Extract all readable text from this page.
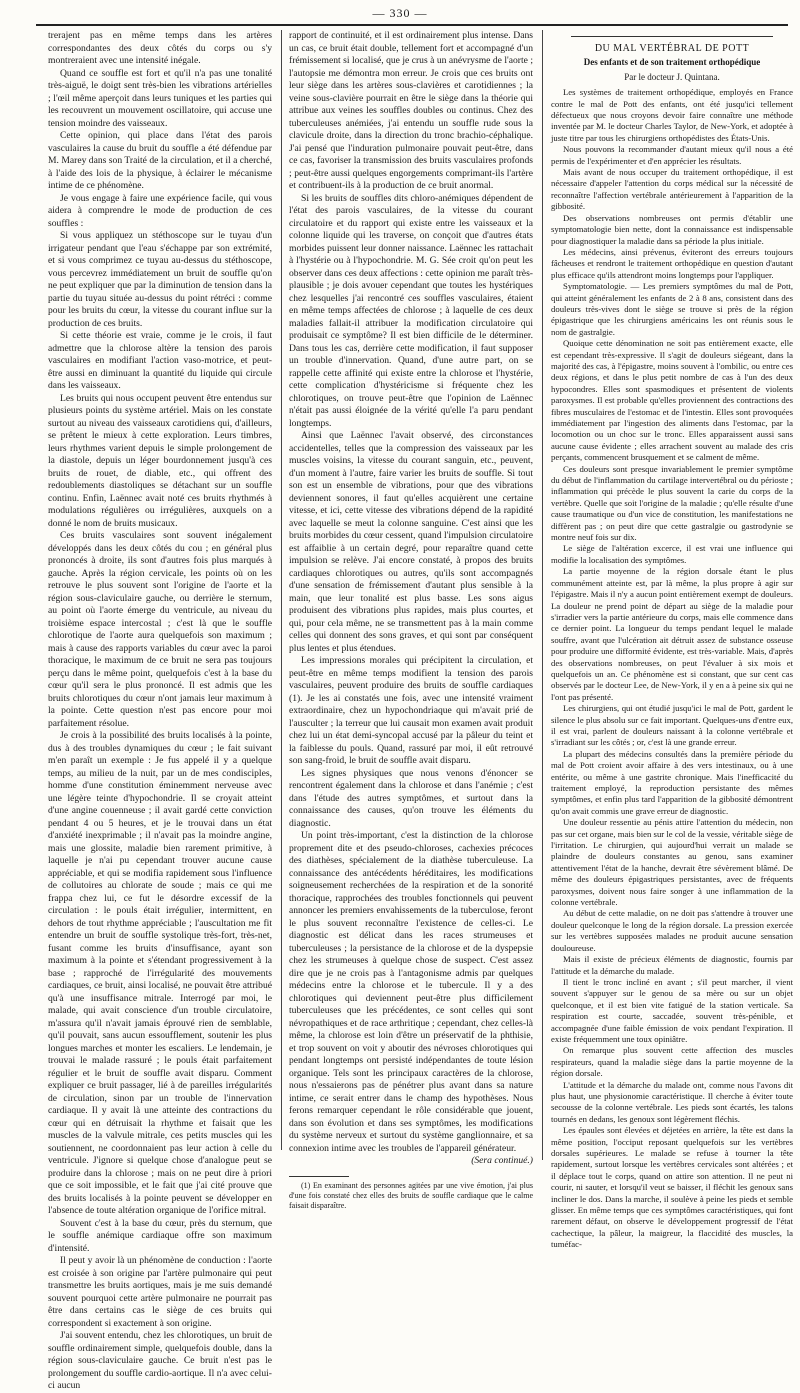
— 330 —

trerajent pas en même temps dans les artères correspondantes des deux côtés du corps ou s'y montreraient avec une intensité inégale.

Quand ce souffle est fort et qu'il n'a pas une tonalité très-aiguë, le doigt sent très-bien les vibrations artérielles ; l'œil même aperçoit dans leurs tuniques et les parties qui les recouvrent un mouvement oscillatoire, qui accuse une tension moindre des vaisseaux.

Cette opinion, qui place dans l'état des parois vasculaires la cause du bruit du souffle a été défendue par M. Marey dans son Traité de la circulation, et il a cherché, à l'aide des lois de la physique, à éclairer le mécanisme intime de ce phénomène.

Je vous engage à faire une expérience facile, qui vous aidera à comprendre le mode de production de ces souffles :

Si vous appliquez un stéthoscope sur le tuyau d'un irrigateur pendant que l'eau s'échappe par son extrémité, et si vous comprimez ce tuyau au-dessus du stéthoscope, vous percevrez immédiatement un bruit de souffle qu'on ne peut expliquer que par la diminution de tension dans la partie du tuyau située au-dessus du point rétréci : comme pour les bruits du cœur, la vitesse du courant influe sur la production de ces bruits.

Si cette théorie est vraie, comme je le crois, il faut admettre que la chlorose altère la tension des parois vasculaires en modifiant l'action vaso-motrice, et peut-être aussi en diminuant la quantité du liquide qui circule dans les vaisseaux.

Les bruits qui nous occupent peuvent être entendus sur plusieurs points du système artériel. Mais on les constate surtout au niveau des vaisseaux carotidiens qui, d'ailleurs, se prêtent le mieux à cette exploration. Leurs timbres, leurs rhythmes varient depuis le simple prolongement de la diastole, depuis un léger bourdonnement jusqu'à ces bruits de rouet, de diable, etc., qui offrent des redoublements diastoliques se détachant sur un souffle continu. Enfin, Laënnec avait noté ces bruits rhythmés à modulations régulières ou irrégulières, auxquels on a donné le nom de bruits musicaux.

Ces bruits vasculaires sont souvent inégalement développés dans les deux côtés du cou ; en général plus prononcés à droite, ils sont d'autres fois plus marqués à gauche. Après la région cervicale, les points où on les retrouve le plus souvent sont l'origine de l'aorte et la région sous-claviculaire gauche, ou derrière le sternum, au point où l'aorte émerge du ventricule, au niveau du troisième espace intercostal ; c'est là que le souffle chlorotique de l'aorte aura quelquefois son maximum ; mais à cause des rapports variables du cœur avec la paroi thoracique, le maximum de ce bruit ne sera pas toujours perçu dans le même point, quelquefois c'est à la base du cœur qu'il sera le plus prononcé. Il est admis que les bruits chlorotiques du cœur n'ont jamais leur maximum à la pointe. Cette question n'est pas encore pour moi parfaitement résolue.

Je crois à la possibilité des bruits localisés à la pointe, dus à des troubles dynamiques du cœur ; le fait suivant m'en paraît un exemple : Je fus appelé il y a quelque temps, au milieu de la nuit, par un de mes condisciples, homme d'une constitution éminemment nerveuse avec une légère teinte d'hypochondrie. Il se croyait atteint d'une angine couenneuse ; il avait gardé cette conviction pendant 4 ou 5 heures, et je le trouvai dans un état d'anxiété inexprimable ; il n'avait pas la moindre angine, mais une glossite, maladie bien rarement primitive, à laquelle je n'ai pu cependant trouver aucune cause appréciable, et qui se modifia rapidement sous l'influence de collutoires au chlorate de soude ; mais ce qui me frappa chez lui, ce fut le désordre excessif de la circulation : le pouls était irrégulier, intermittent, en dehors de tout rhythme appréciable ; l'auscultation me fit entendre un bruit de souffle systolique très-fort, très-net, fusant comme les bruits d'insuffisance, ayant son maximum à la pointe et s'étendant progressivement à la base ; rapproché de l'irrégularité des mouvements cardiaques, ce bruit, ainsi localisé, ne pouvait être attribué qu'à une insuffisance mitrale. Interrogé par moi, le malade, qui avait conscience d'un trouble circulatoire, m'assura qu'il n'avait jamais éprouvé rien de semblable, qu'il pouvait, sans aucun essoufflement, soutenir les plus longues marches et monter les escaliers. Le lendemain, je trouvai le malade rassuré ; le pouls était parfaitement régulier et le bruit de souffle avait disparu. Comment expliquer ce bruit passager, lié à de pareilles irrégularités de circulation, sinon par un trouble de l'innervation cardiaque. Il y avait là une atteinte des contractions du cœur qui en détruisait la rhythme et faisait que les muscles de la valvule mitrale, ces petits muscles qui les soutiennent, ne coordonnaient pas leur action à celle du ventricule. J'ignore si quelque chose d'analogue peut se produire dans la chlorose ; mais on ne peut dire à priori que ce soit impossible, et le fait que j'ai cité prouve que des bruits localisés à la pointe peuvent se développer en l'absence de toute altération organique de l'orifice mitral.

Souvent c'est à la base du cœur, près du sternum, que le souffle anémique cardiaque offre son maximum d'intensité.

Il peut y avoir là un phénomène de conduction : l'aorte est croisée à son origine par l'artère pulmonaire qui peut transmettre les bruits aortiques, mais je me suis demandé souvent pourquoi cette artère pulmonaire ne pourrait pas être dans certains cas le siège de ces bruits qui correspondent si exactement à son origine.

J'ai souvent entendu, chez les chlorotiques, un bruit de souffle ordinairement simple, quelquefois double, dans la région sous-claviculaire gauche. Ce bruit n'est pas le prolongement du souffle cardio-aortique. Il n'a avec celui-ci aucun

rapport de continuité, et il est ordinairement plus intense. Dans un cas, ce bruit était double, tellement fort et accompagné d'un frémissement si localisé, que je crus à un anévrysme de l'aorte ; l'autopsie me démontra mon erreur. Je crois que ces bruits ont leur siège dans les artères sous-clavières et carotidiennes ; la veine sous-clavière pourrait en être le siège dans la théorie qui attribue aux veines les souffles doubles ou continus. Chez des tuberculeuses anémiées, j'ai entendu un souffle rude sous la clavicule droite, dans la direction du tronc brachio-céphalique. J'ai pensé que l'induration pulmonaire pouvait peut-être, dans ce cas, favoriser la transmission des bruits vasculaires profonds ; peut-être aussi quelques engorgements comprimant-ils l'artère et contribuent-ils à la production de ce bruit anormal.

Si les bruits de souffles dits chloro-anémiques dépendent de l'état des parois vasculaires, de la vitesse du courant circulatoire et du rapport qui existe entre les vaisseaux et la colonne liquide qui les traverse, on conçoit que d'autres états morbides puissent leur donner naissance. Laënnec les rattachait à l'hystérie ou à l'hypochondrie. M. G. Sée croit qu'on peut les observer dans ces deux affections : cette opinion me paraît très-plausible ; je dois avouer cependant que toutes les hystériques chez lesquelles j'ai rencontré ces souffles vasculaires, étaient en même temps affectées de chlorose ; à laquelle de ces deux maladies fallait-il attribuer la modification circulatoire qui produisait ce symptôme? Il est bien difficile de le déterminer. Dans tous les cas, derrière cette modification, il faut supposer un trouble d'innervation. Quand, d'une autre part, on se rappelle cette affinité qui existe entre la chlorose et l'hystérie, cette complication d'hystéricisme si fréquente chez les chlorotiques, on trouve peut-être que l'opinion de Laënnec n'était pas aussi éloignée de la vérité qu'elle l'a paru pendant longtemps.

Ainsi que Laënnec l'avait observé, des circonstances accidentelles, telles que la compression des vaisseaux par les muscles voisins, la vitesse du courant sanguin, etc., peuvent, d'un moment à l'autre, faire varier les bruits de souffle. Si tout son est un ensemble de vibrations, pour que des vibrations deviennent sonores, il faut qu'elles acquièrent une certaine vitesse, et ici, cette vitesse des vibrations dépend de la rapidité avec laquelle se meut la colonne sanguine. C'est ainsi que les bruits morbides du cœur cessent, quand l'impulsion circulatoire est affaiblie à un certain degré, pour reparaître quand cette impulsion se relève. J'ai encore constaté, à propos des bruits cardiaques chlorotiques ou autres, qu'ils sont accompagnés d'une sensation de frémissement d'autant plus sensible à la main, que leur tonalité est plus basse. Les sons aigus produisent des vibrations plus rapides, mais plus courtes, et qui, pour cela même, ne se transmettent pas à la main comme celles qui donnent des sons graves, et qui sont par conséquent plus lentes et plus étendues.

Les impressions morales qui précipitent la circulation, et peut-être en même temps modifient la tension des parois vasculaires, peuvent produire des bruits de souffle cardiaques (1). Je les ai constatés une fois, avec une intensité vraiment extraordinaire, chez un hypochondriaque qui m'avait prié de l'ausculter ; la terreur que lui causait mon examen avait produit chez lui un état demi-syncopal accusé par la pâleur du teint et la faiblesse du pouls. Quand, rassuré par moi, il eût retrouvé son sang-froid, le bruit de souffle avait disparu.

Les signes physiques que nous venons d'énoncer se rencontrent également dans la chlorose et dans l'anémie ; c'est dans l'étude des autres symptômes, et surtout dans la connaissance des causes, qu'on trouve les éléments du diagnostic.

Un point très-important, c'est la distinction de la chlorose proprement dite et des pseudo-chloroses, cachexies précoces des diathèses, spécialement de la diathèse tuberculeuse. La connaissance des antécédents héréditaires, les modifications soigneusement recherchées de la respiration et de la sonorité thoracique, rapprochées des troubles fonctionnels qui peuvent annoncer les premiers envahissements de la tuberculose, feront le plus souvent reconnaître l'existence de celles-ci. Le diagnostic est délicat dans les races strumeuses et tuberculeuses ; la persistance de la chlorose et de la dyspepsie chez les strumeuses à quelque chose de suspect. C'est assez dire que je ne crois pas à l'antagonisme admis par quelques médecins entre la chlorose et le tubercule. Il y a des chlorotiques qui deviennent peut-être plus difficilement tuberculeuses que les précédentes, ce sont celles qui sont névropathiques et de race arthritique ; cependant, chez celles-là même, la chlorose est loin d'être un préservatif de la phthisie, et trop souvent on voit y aboutir des névroses chlorotiques qui pendant longtemps ont persisté indépendantes de toute lésion organique. Tels sont les principaux caractères de la chlorose, nous n'essaierons pas de pénétrer plus avant dans sa nature intime, ce serait entrer dans le champ des hypothèses. Nous ferons remarquer cependant le rôle considérable que jouent, dans son évolution et dans ses symptômes, les modifications du système nerveux et surtout du système ganglionnaire, et sa connexion intime avec les troubles de l'appareil générateur.

(Sera continué.)

(1) En examinant des personnes agitées par une vive émotion, j'ai plus d'une fois constaté chez elles des bruits de souffle cardiaque que le calme faisait disparaître.

DU MAL VERTÉBRAL DE POTT
Des enfants et de son traitement orthopédique
Par le docteur J. Quintana.

Les systèmes de traitement orthopédique, employés en France contre le mal de Pott des enfants, ont été jusqu'ici tellement défectueux que nous croyons devoir faire connaître une méthode inventée par M. le docteur Charles Taylor, de New-York, et adoptée à juste titre par tous les chirurgiens orthopédistes des États-Unis.

Nous pouvons la recommander d'autant mieux qu'il nous a été permis de l'expérimenter et d'en apprécier les résultats.

Mais avant de nous occuper du traitement orthopédique, il est nécessaire d'appeler l'attention du corps médical sur la nécessité de reconnaître l'affection vertébrale antérieurement à l'apparition de la gibbosité.

Des observations nombreuses ont permis d'établir une symptomatologie bien nette, dont la connaissance est indispensable pour diagnostiquer la maladie dans sa période la plus initiale.

Les médecins, ainsi prévenus, éviteront des erreurs toujours fâcheuses et rendront le traitement orthopédique en question d'autant plus efficace qu'ils attendront moins longtemps pour l'appliquer.

Symptomatologie. — Les premiers symptômes du mal de Pott, qui atteint généralement les enfants de 2 à 8 ans, consistent dans des douleurs très-vives dont le siège se trouve si près de la région épigastrique que les chirurgiens américains les ont réunis sous le nom de gastralgie.

Quoique cette dénomination ne soit pas entièrement exacte, elle est cependant très-expressive. Il s'agit de douleurs siégeant, dans la majorité des cas, à l'épigastre, moins souvent à l'ombilic, ou entre ces deux régions, et dans le plus petit nombre de cas à l'un des deux hypocondres. Elles sont spasmodiques et présentent de violents paroxysmes. Il est probable qu'elles proviennent des contractions des fibres musculaires de l'estomac et de l'intestin. Elles sont provoquées immédiatement par l'ingestion des aliments dans l'estomac, par la locomotion ou un choc sur le tronc. Elles apparaissent aussi sans aucune cause évidente ; elles arrachent souvent au malade des cris perçants, commencent brusquement et se calment de même.

Ces douleurs sont presque invariablement le premier symptôme du début de l'inflammation du cartilage intervertébral ou du périoste ; inflammation qui précède le plus souvent la carie du corps de la vertèbre. Quelle que soit l'origine de la maladie ; qu'elle résulte d'une cause traumatique ou d'un vice de constitution, les manifestations ne diffèrent pas ; on peut dire que cette gastralgie ou gastrodynie se montre neuf fois sur dix.

Le siège de l'altération excerce, il est vrai une influence qui modifie la localisation des symptômes.

La partie moyenne de la région dorsale étant le plus communément atteinte est, par là même, la plus propre à agir sur l'épigastre. Mais il n'y a aucun point entièrement exempt de douleurs. La douleur ne prend point de départ au siège de la maladie pour s'irradier vers la partie antérieure du corps, mais elle commence dans ce dernier point. La longueur du temps pendant lequel le malade souffre, avant que l'ulcération ait détruit assez de substance osseuse pour produire une difformité évidente, est très-variable. Mais, d'après des observations nombreuses, on peut l'évaluer à six mois et quelquefois un an. Ce phénomène est si constant, que sur cent cas observés par le docteur Lee, de New-York, il y en a à peine six qui ne l'ont pas présenté.

Les chirurgiens, qui ont étudié jusqu'ici le mal de Pott, gardent le silence le plus absolu sur ce fait important. Quelques-uns d'entre eux, il est vrai, parlent de douleurs naissant à la colonne vertébrale et s'irradiant sur les côtés ; or, c'est là une grande erreur.

La plupart des médecins consultés dans la première période du mal de Pott croient avoir affaire à des vers intestinaux, ou à une entérite, ou même à une gastrite chronique. Mais l'inefficacité du traitement employé, la reproduction persistante des mêmes symptômes, et enfin plus tard l'apparition de la gibbosité démontrent qu'on avait commis une grave erreur de diagnostic.

Une douleur ressentie au pénis attire l'attention du médecin, non pas sur cet organe, mais bien sur le col de la vessie, véritable siège de l'irritation. Le chirurgien, qui aujourd'hui verrait un malade se plaindre de douleurs constantes au genou, sans examiner attentivement l'état de la hanche, devrait être sévèrement blâmé. De même des douleurs épigastriques persistantes, avec de fréquents paroxysmes, doivent nous faire songer à une inflammation de la colonne vertébrale.

Au début de cette maladie, on ne doit pas s'attendre à trouver une douleur quelconque le long de la région dorsale. La pression exercée sur les vertèbres supposées malades ne produit aucune sensation douloureuse.

Mais il existe de précieux éléments de diagnostic, fournis par l'attitude et la démarche du malade.

Il tient le tronc incliné en avant ; s'il peut marcher, il vient souvent s'appuyer sur le genou de sa mère ou sur un objet quelconque, et il est bien vite fatigué de la station verticale. Sa respiration est courte, saccadée, souvent très-pénible, et accompagnée d'une faible émission de voix pendant l'expiration. Il existe fréquemment une toux opiniâtre.

On remarque plus souvent cette affection des muscles respirateurs, quand la maladie siège dans la partie moyenne de la région dorsale.

L'attitude et la démarche du malade ont, comme nous l'avons dit plus haut, une physionomie caractéristique. Il cherche à éviter toute secousse de la colonne vertébrale. Les pieds sont écartés, les talons tournés en dedans, les genoux sont légèrement fléchis.

Les épaules sont élevées et déjetées en arrière, la tête est dans la même position, l'occiput reposant quelquefois sur les vertèbres dorsales supérieures. Le malade se refuse à tourner la tête rapidement, surtout lorsque les vertèbres cervicales sont altérées ; et il déplace tout le corps, quand on attire son attention. Il ne peut ni courir, ni sauter, et lorsqu'il veut se baisser, il fléchit les genoux sans incliner le dos. Dans la marche, il soulève à peine les pieds et semble glisser. En même temps que ces symptômes caractéristiques, qui font rarement défaut, on observe le développement progressif de l'état cachectique, la pâleur, la maigreur, la flaccidité des muscles, la tuméfac-
